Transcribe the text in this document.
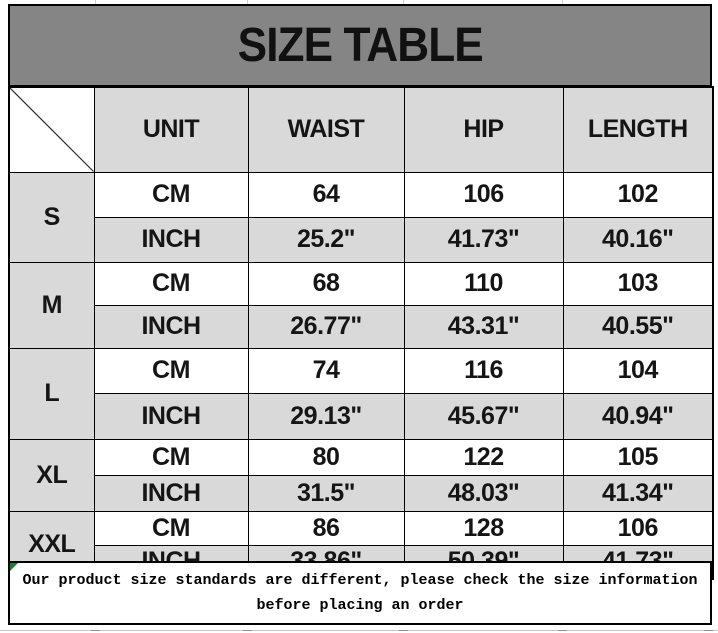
SIZE TABLE
	UNIT	WAIST	HIP	LENGTH
S	CM	64	106	102
	INCH	25.2"	41.73"	40.16"
M	CM	68	110	103
	INCH	26.77"	43.31"	40.55"
L	CM	74	116	104
	INCH	29.13"	45.67"	40.94"
XL	CM	80	122	105
	INCH	31.5"	48.03"	41.34"
XXL	CM	86	128	106

Our product size standards are different, please check the size information
before placing an order
